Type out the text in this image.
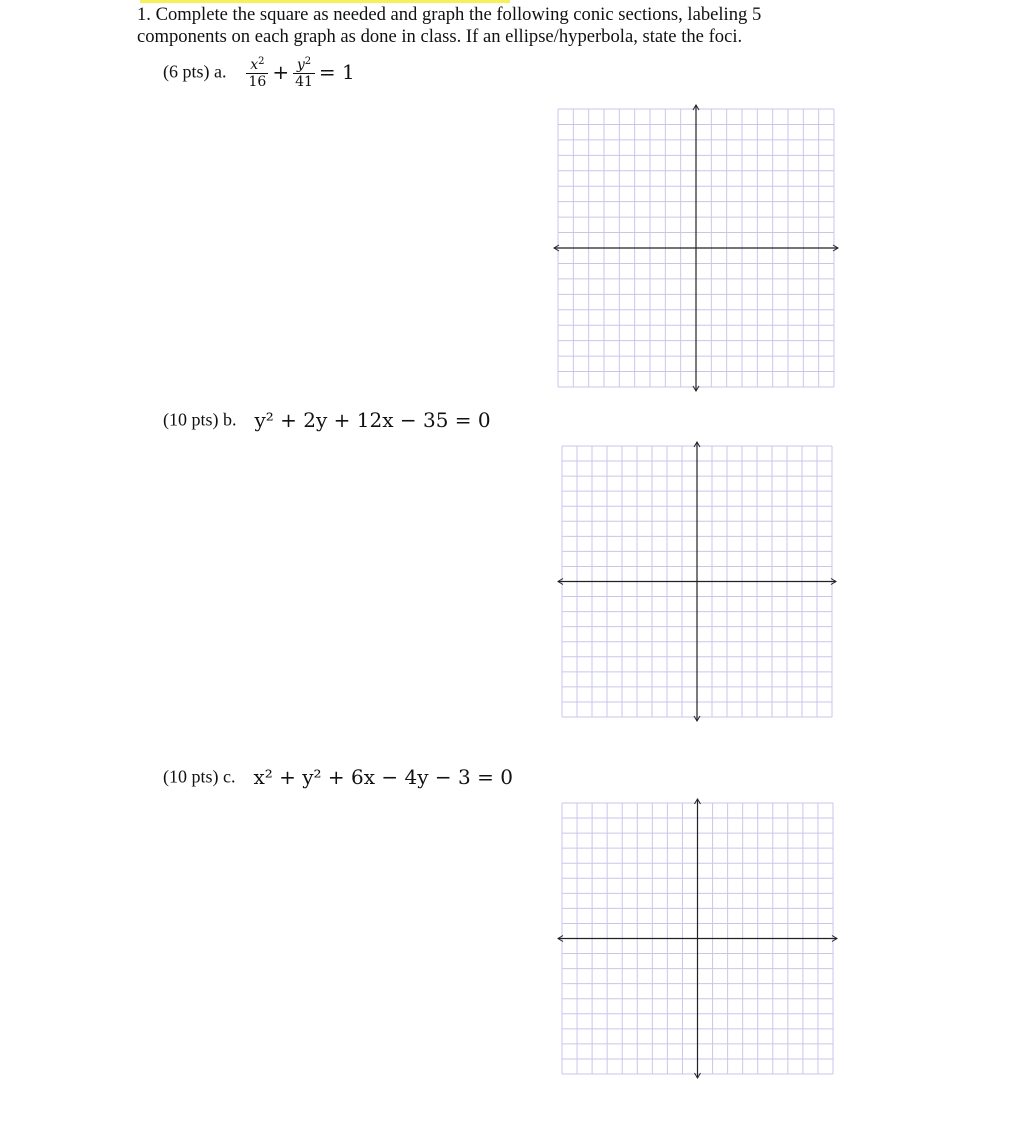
1. Complete the square as needed and graph the following conic sections, labeling 5
components on each graph as done in class. If an ellipse/hyperbola, state the foci.
(6 pts) a. $\frac{x^2}{16} + \frac{y^2}{41} = 1$
(10 pts) b. y² + 2y + 12x − 35 = 0
(10 pts) c. x² + y² + 6x − 4y − 3 = 0
